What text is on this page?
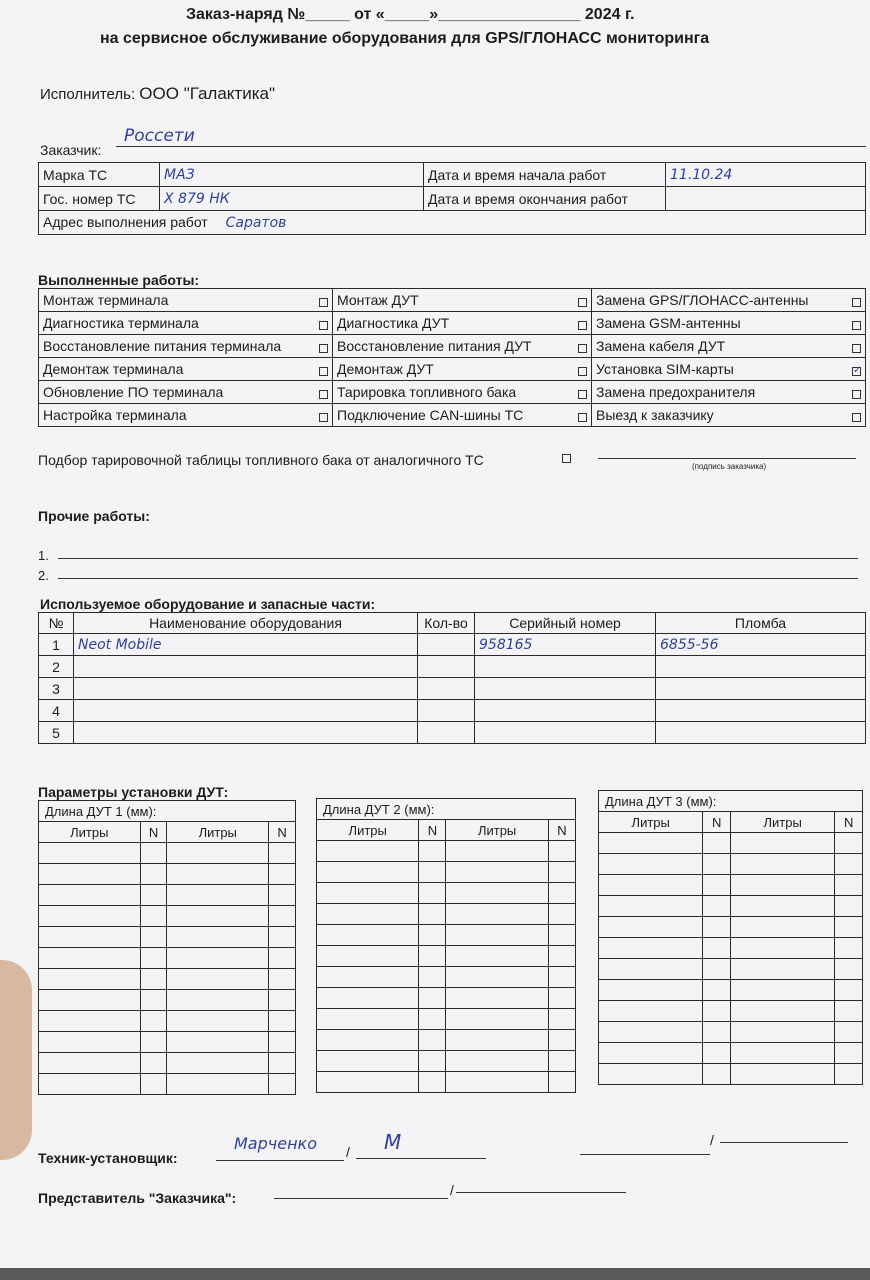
Заказ-наряд №_____ от «_____»________________ 2024 г.
на сервисное обслуживание оборудования для GPS/ГЛОНАСС мониторинга
Исполнитель: ООО "Галактика"
Заказчик:
Россети
Марка ТС	МАЗ	Дата и время начала работ	11.10.24
Гос. номер ТС	Х 879 НК	Дата и время окончания работ	
Адрес выполнения работ Саратов			
Выполненные работы:
Монтаж терминала	Монтаж ДУТ	Замена GPS/ГЛОНАСС-антенны

Диагностика терминала	Диагностика ДУТ	Замена GSM-антенны

Восстановление питания терминала	Восстановление питания ДУТ	Замена кабеля ДУТ

Демонтаж терминала	Демонтаж ДУТ	Установка SIM-карты ✓

Обновление ПО терминала	Тарировка топливного бака	Замена предохранителя

Настройка терминала	Подключение CAN-шины ТС	Выезд к заказчику
Подбор тарировочной таблицы топливного бака от аналогичного ТС	(подпись заказчика)
Прочие работы:
1.
2.
Используемое оборудование и запасные части:
№	Наименование оборудования	Кол-во	Серийный номер	Пломба
1	Neot Mobile		958165	6855-56
2				
3				
4				
5				
Параметры установки ДУТ:
Длина ДУТ 1 (мм):			
Литры	N	Литры	N

Длина ДУТ 2 (мм):			
Литры	N	Литры	N

Длина ДУТ 3 (мм):			
Литры	N	Литры	N

Техник-установщик:
Марченко / М	/
Представитель "Заказчика":	/
